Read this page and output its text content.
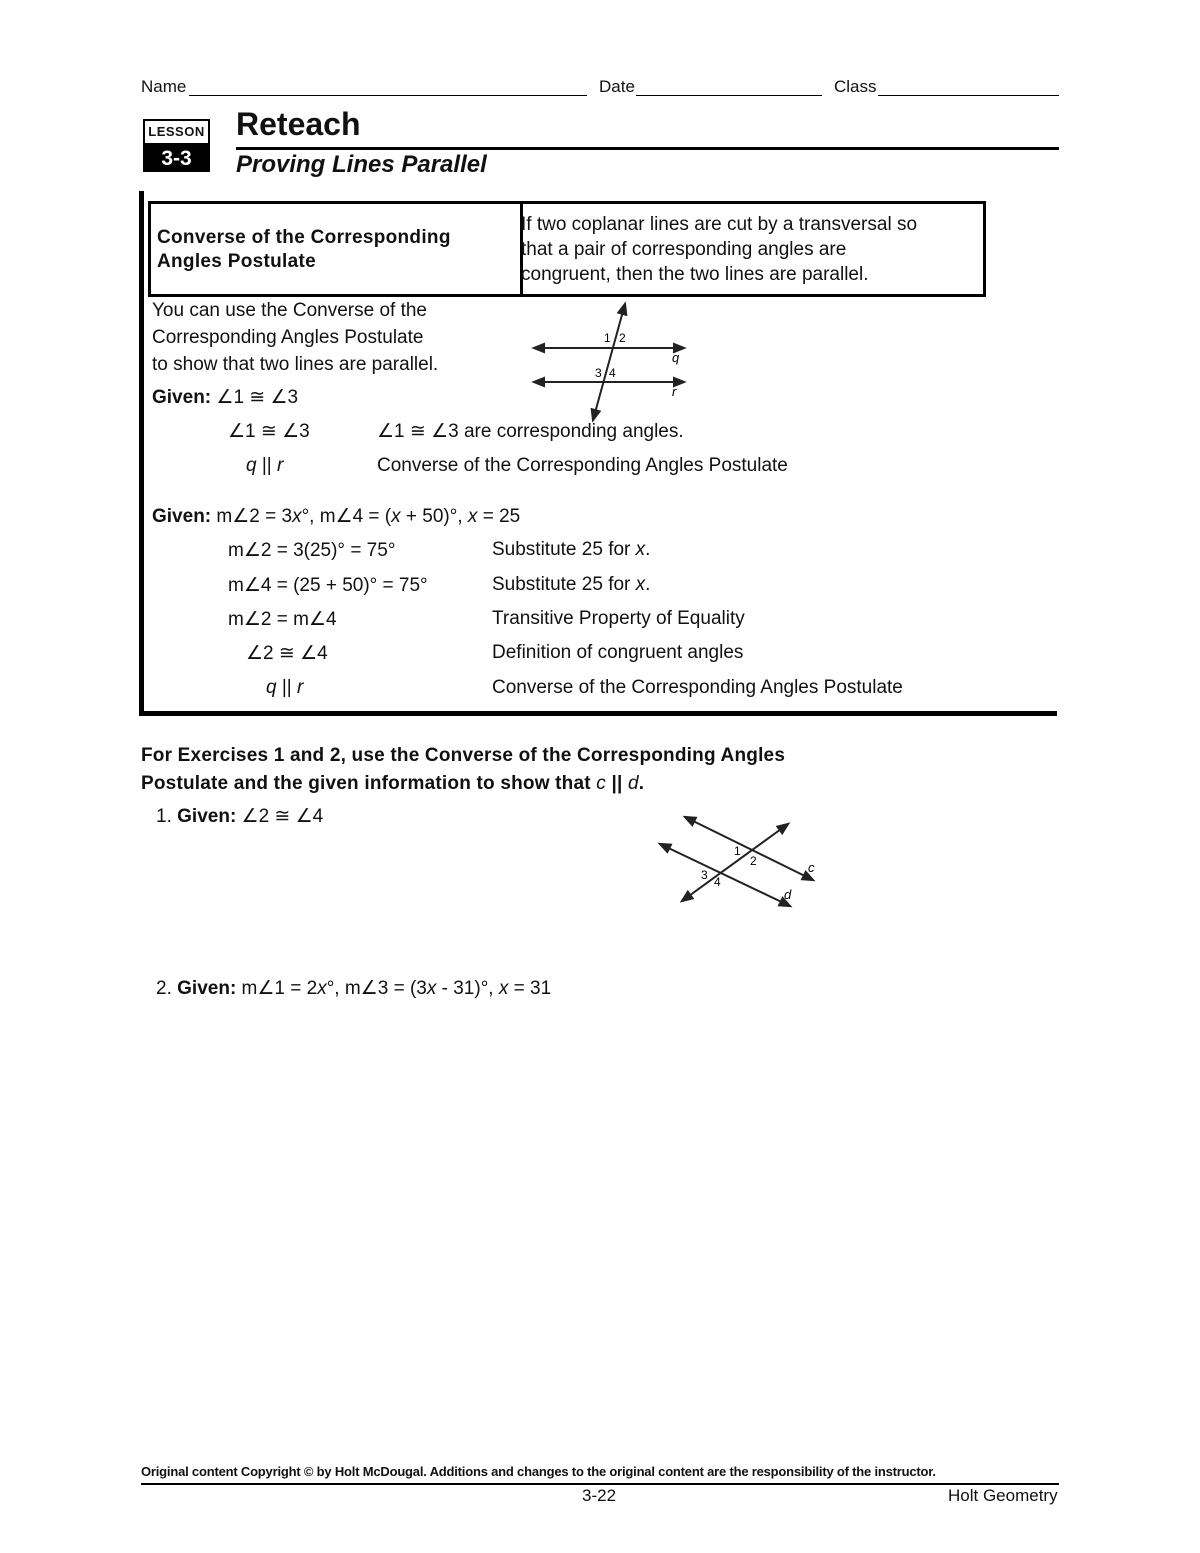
Name	Date	Class
LESSON
3-3
Reteach
Proving Lines Parallel
You can use the Converse of the
Corresponding Angles Postulate
to show that two lines are parallel.
Converse of the Corresponding
Angles Postulate
If two coplanar lines are cut by a transversal so
that a pair of corresponding angles are
congruent, then the two lines are parallel.
1 2
3 4
q
r
Given: ∠1 ≅ ∠3
∠1 ≅ ∠3	∠1 ≅ ∠3 are corresponding angles.
q || r	Converse of the Corresponding Angles Postulate
Given: m∠2 = 3x°, m∠4 = (x + 50)°, x = 25
m∠2 = 3(25)° = 75°	Substitute 25 for x.
m∠4 = (25 + 50)° = 75°	Substitute 25 for x.
m∠2 = m∠4	Transitive Property of Equality
∠2 ≅ ∠4	Definition of congruent angles
q || r	Converse of the Corresponding Angles Postulate
For Exercises 1 and 2, use the Converse of the Corresponding Angles
Postulate and the given information to show that c || d.
1. Given: ∠2 ≅ ∠4
1
2
3 4
c
d
2. Given: m∠1 = 2x°, m∠3 = (3x - 31)°, x = 31
Original content Copyright © by Holt McDougal. Additions and changes to the original content are the responsibility of the instructor.
3-22	Holt Geometry
